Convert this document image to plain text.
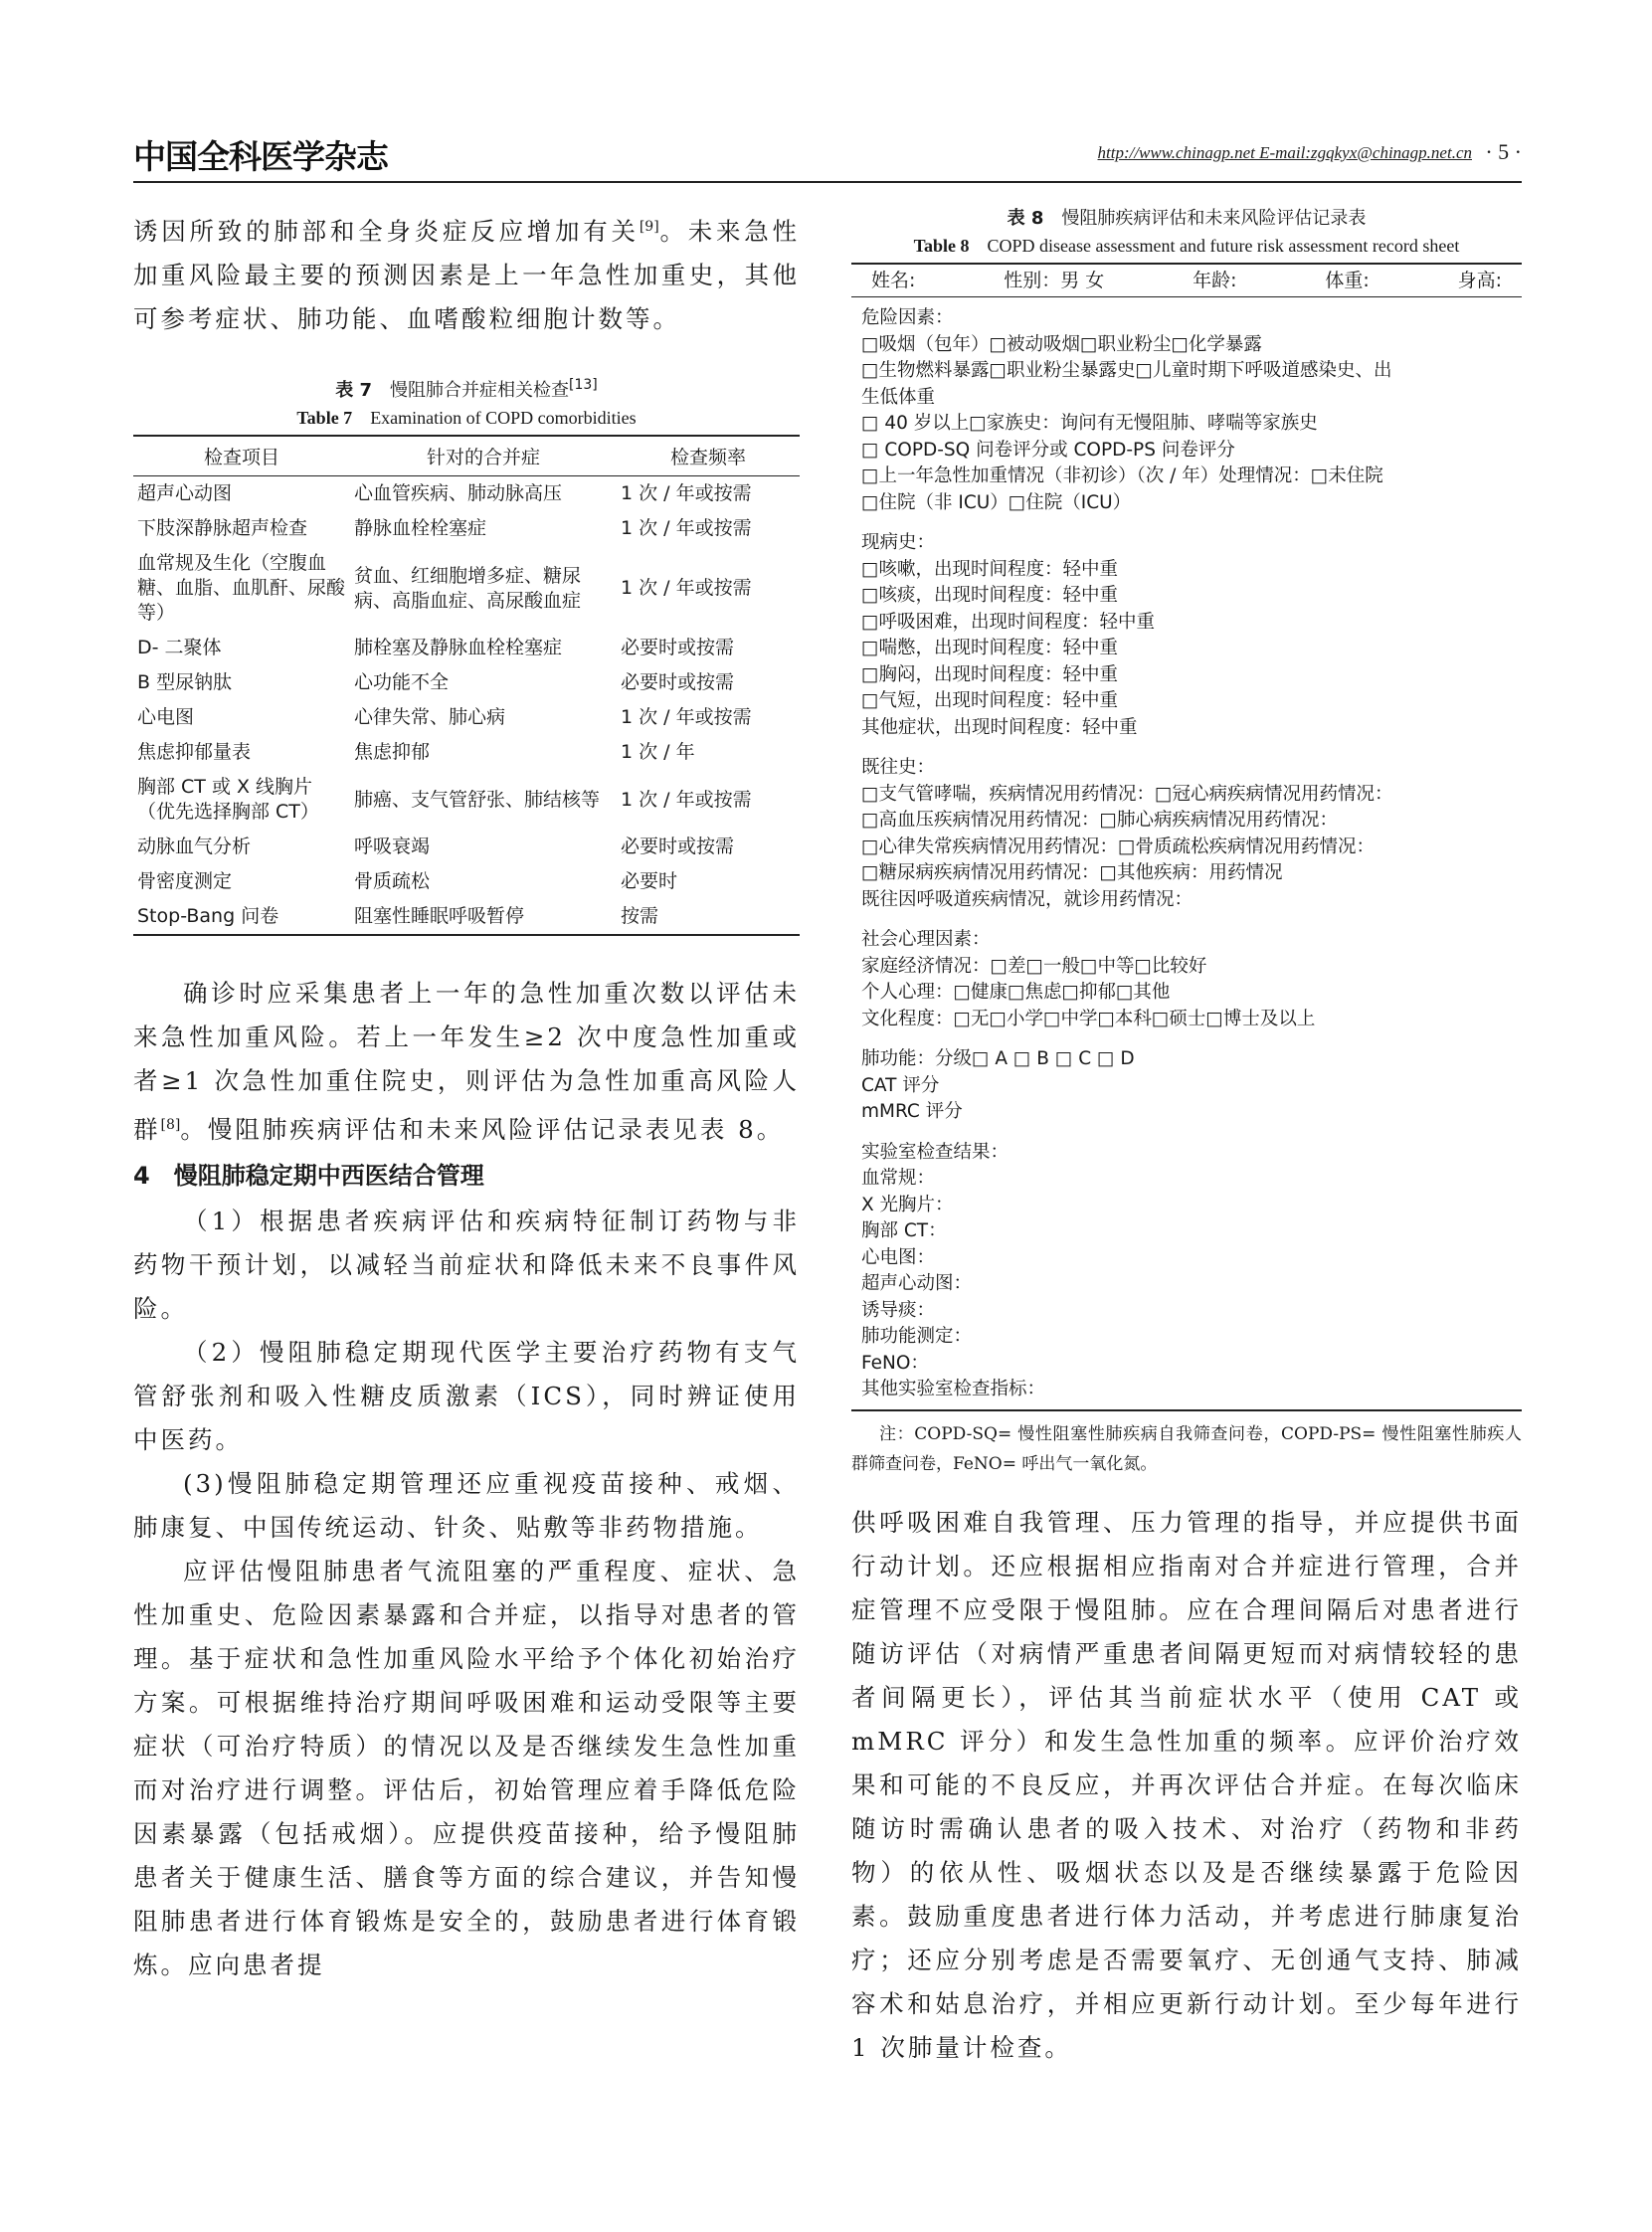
中国全科医学杂志	http://www.chinagp.net E-mail:zgqkyx@chinagp.net.cn · 5 ·

诱因所致的肺部和全身炎症反应增加有关[9]。未来急性加重风险最主要的预测因素是上一年急性加重史，其他可参考症状、肺功能、血嗜酸粒细胞计数等。

表 7　 慢阻肺合并症相关检查[13]

Table 7　 Examination of COPD comorbidities

检查项目	针对的合并症	检查频率
超声心动图	心血管疾病、肺动脉高压	1 次 / 年或按需
下肢深静脉超声检查	静脉血栓栓塞症	1 次 / 年或按需
血常规及生化（空腹血糖、血脂、血肌酐、尿酸等）	贫血、红细胞增多症、糖尿病、高脂血症、高尿酸血症	1 次 / 年或按需
D- 二聚体	肺栓塞及静脉血栓栓塞症	必要时或按需
B 型尿钠肽	心功能不全	必要时或按需
心电图	心律失常、肺心病	1 次 / 年或按需
焦虑抑郁量表	焦虑抑郁	1 次 / 年
胸部 CT 或 X 线胸片（优先选择胸部 CT）	肺癌、支气管舒张、肺结核等	1 次 / 年或按需
动脉血气分析	呼吸衰竭	必要时或按需
骨密度测定	骨质疏松	必要时
Stop-Bang 问卷	阻塞性睡眠呼吸暂停	按需

确诊时应采集患者上一年的急性加重次数以评估未来急性加重风险。若上一年发生≥2 次中度急性加重或者≥1 次急性加重住院史，则评估为急性加重高风险人群[8]。慢阻肺疾病评估和未来风险评估记录表见表 8。

4　慢阻肺稳定期中西医结合管理

（1）根据患者疾病评估和疾病特征制订药物与非药物干预计划，以减轻当前症状和降低未来不良事件风险。

（2）慢阻肺稳定期现代医学主要治疗药物有支气管舒张剂和吸入性糖皮质激素（ICS），同时辨证使用中医药。

(3)慢阻肺稳定期管理还应重视疫苗接种、戒烟、肺康复、中国传统运动、针灸、贴敷等非药物措施。

应评估慢阻肺患者气流阻塞的严重程度、症状、急性加重史、危险因素暴露和合并症，以指导对患者的管理。基于症状和急性加重风险水平给予个体化初始治疗方案。可根据维持治疗期间呼吸困难和运动受限等主要症状（可治疗特质）的情况以及是否继续发生急性加重而对治疗进行调整。评估后，初始管理应着手降低危险因素暴露（包括戒烟）。应提供疫苗接种，给予慢阻肺患者关于健康生活、膳食等方面的综合建议，并告知慢阻肺患者进行体育锻炼是安全的，鼓励患者进行体育锻炼。应向患者提

表 8　 慢阻肺疾病评估和未来风险评估记录表

Table 8　 COPD disease assessment and future risk assessment record sheet

姓名:	性别：男 女	年龄:	体重:	身高:

危险因素：

□吸烟（包年）□被动吸烟□职业粉尘□化学暴露

□生物燃料暴露□职业粉尘暴露史□儿童时期下呼吸道感染史、出

生低体重

□ 40 岁以上□家族史：询问有无慢阻肺、哮喘等家族史

□ COPD-SQ 问卷评分或 COPD-PS 问卷评分

□上一年急性加重情况（非初诊）（次 / 年）处理情况：□未住院

□住院（非 ICU）□住院（ICU）

现病史：

□咳嗽，出现时间程度：轻中重

□咳痰，出现时间程度：轻中重

□呼吸困难，出现时间程度：轻中重

□喘憋，出现时间程度：轻中重

□胸闷，出现时间程度：轻中重

□气短，出现时间程度：轻中重

其他症状，出现时间程度：轻中重

既往史：

□支气管哮喘，疾病情况用药情况：□冠心病疾病情况用药情况：

□高血压疾病情况用药情况：□肺心病疾病情况用药情况：

□心律失常疾病情况用药情况：□骨质疏松疾病情况用药情况：

□糖尿病疾病情况用药情况：□其他疾病：用药情况

既往因呼吸道疾病情况，就诊用药情况：

社会心理因素：

家庭经济情况：□差□一般□中等□比较好

个人心理：□健康□焦虑□抑郁□其他

文化程度：□无□小学□中学□本科□硕士□博士及以上

肺功能：分级□ A □ B □ C □ D

CAT 评分

mMRC 评分

实验室检查结果：

血常规：

X 光胸片：

胸部 CT：

心电图：

超声心动图：

诱导痰：

肺功能测定：

FeNO：

其他实验室检查指标：

注：COPD-SQ= 慢性阻塞性肺疾病自我筛查问卷，COPD-PS= 慢性阻塞性肺疾人群筛查问卷，FeNO= 呼出气一氧化氮。

供呼吸困难自我管理、压力管理的指导，并应提供书面行动计划。还应根据相应指南对合并症进行管理，合并症管理不应受限于慢阻肺。应在合理间隔后对患者进行随访评估（对病情严重患者间隔更短而对病情较轻的患者间隔更长），评估其当前症状水平（使用 CAT 或 mMRC 评分）和发生急性加重的频率。应评价治疗效果和可能的不良反应，并再次评估合并症。在每次临床随访时需确认患者的吸入技术、对治疗（药物和非药物）的依从性、吸烟状态以及是否继续暴露于危险因素。鼓励重度患者进行体力活动，并考虑进行肺康复治疗；还应分别考虑是否需要氧疗、无创通气支持、肺减容术和姑息治疗，并相应更新行动计划。至少每年进行 1 次肺量计检查。
